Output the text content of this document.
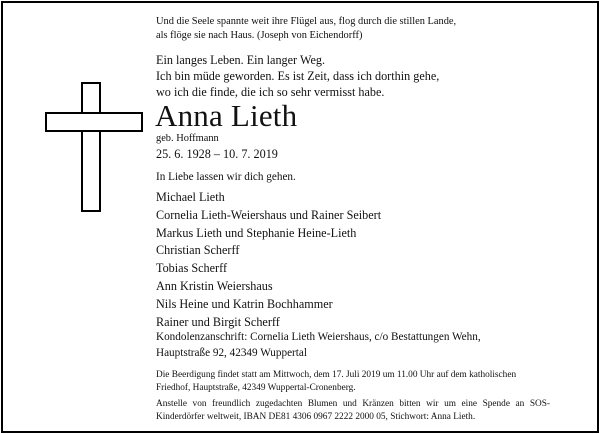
Und die Seele spannte weit ihre Flügel aus, flog durch die stillen Lande,
als flöge sie nach Haus. (Joseph von Eichendorff)
Ein langes Leben. Ein langer Weg.
Ich bin müde geworden. Es ist Zeit, dass ich dorthin gehe,
wo ich die finde, die ich so sehr vermisst habe.
Anna Lieth
geb. Hoffmann
25. 6. 1928 – 10. 7. 2019
In Liebe lassen wir dich gehen.
Michael Lieth
Cornelia Lieth-Weiershaus und Rainer Seibert
Markus Lieth und Stephanie Heine-Lieth
Christian Scherff
Tobias Scherff
Ann Kristin Weiershaus
Nils Heine und Katrin Bochhammer
Rainer und Birgit Scherff
Kondolenzanschrift: Cornelia Lieth Weiershaus, c/o Bestattungen Wehn,
Hauptstraße 92, 42349 Wuppertal
Die Beerdigung findet statt am Mittwoch, dem 17. Juli 2019 um 11.00 Uhr auf dem katholischen
Friedhof, Hauptstraße, 42349 Wuppertal-Cronenberg.
Anstelle von freundlich zugedachten Blumen und Kränzen bitten wir um eine Spende an SOS-Kinderdörfer weltweit, IBAN DE81 4306 0967 2222 2000 05, Stichwort: Anna Lieth.
